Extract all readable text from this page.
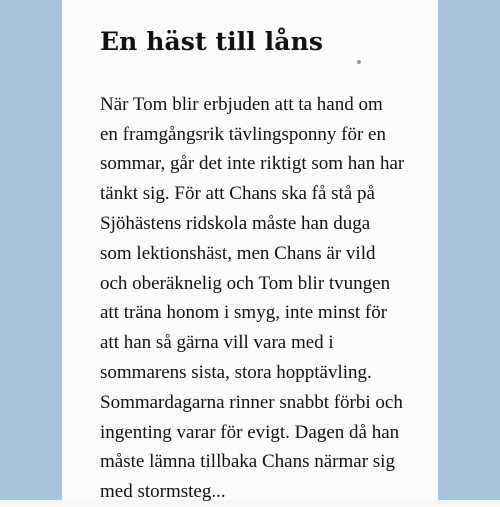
En häst till låns
När Tom blir erbjuden att ta hand om
en framgångsrik tävlingsponny för en
sommar, går det inte riktigt som han har
tänkt sig. För att Chans ska få stå på
Sjöhästens ridskola måste han duga
som lektionshäst, men Chans är vild
och oberäknelig och Tom blir tvungen
att träna honom i smyg, inte minst för
att han så gärna vill vara med i
sommarens sista, stora hopptävling.
Sommardagarna rinner snabbt förbi och
ingenting varar för evigt. Dagen då han
måste lämna tillbaka Chans närmar sig
med stormsteg...
